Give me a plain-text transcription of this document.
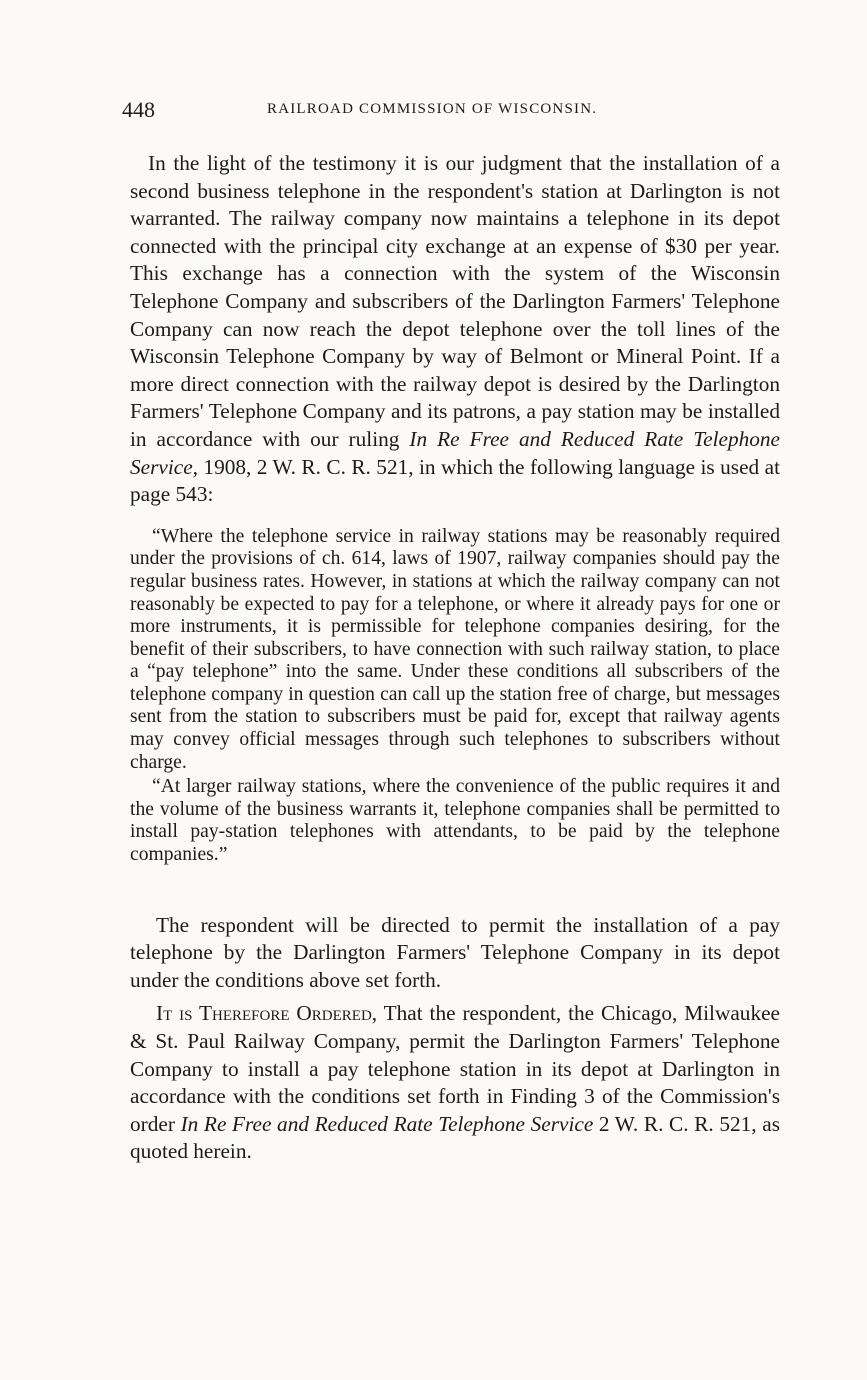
448	RAILROAD COMMISSION OF WISCONSIN.

In the light of the testimony it is our judgment that the installation of a second business telephone in the respondent's station at Darlington is not warranted. The railway company now maintains a telephone in its depot connected with the principal city exchange at an expense of $30 per year. This exchange has a connection with the system of the Wisconsin Telephone Company and subscribers of the Darlington Farmers' Telephone Company can now reach the depot telephone over the toll lines of the Wisconsin Telephone Company by way of Belmont or Mineral Point. If a more direct connection with the railway depot is desired by the Darlington Farmers' Telephone Company and its patrons, a pay station may be installed in accordance with our ruling In Re Free and Reduced Rate Telephone Service, 1908, 2 W. R. C. R. 521, in which the following language is used at page 543:

“Where the telephone service in railway stations may be reasonably required under the provisions of ch. 614, laws of 1907, railway companies should pay the regular business rates. However, in stations at which the railway company can not reasonably be expected to pay for a telephone, or where it already pays for one or more instruments, it is permissible for telephone companies desiring, for the benefit of their subscribers, to have connection with such railway station, to place a “pay telephone” into the same. Under these conditions all subscribers of the telephone company in question can call up the station free of charge, but messages sent from the station to subscribers must be paid for, except that railway agents may convey official messages through such telephones to subscribers without charge.

“At larger railway stations, where the convenience of the public requires it and the volume of the business warrants it, telephone companies shall be permitted to install pay-station telephones with attendants, to be paid by the telephone companies.”

The respondent will be directed to permit the installation of a pay telephone by the Darlington Farmers' Telephone Company in its depot under the conditions above set forth.

It is Therefore Ordered, That the respondent, the Chicago, Milwaukee & St. Paul Railway Company, permit the Darlington Farmers' Telephone Company to install a pay telephone station in its depot at Darlington in accordance with the conditions set forth in Finding 3 of the Commission's order In Re Free and Reduced Rate Telephone Service 2 W. R. C. R. 521, as quoted herein.
